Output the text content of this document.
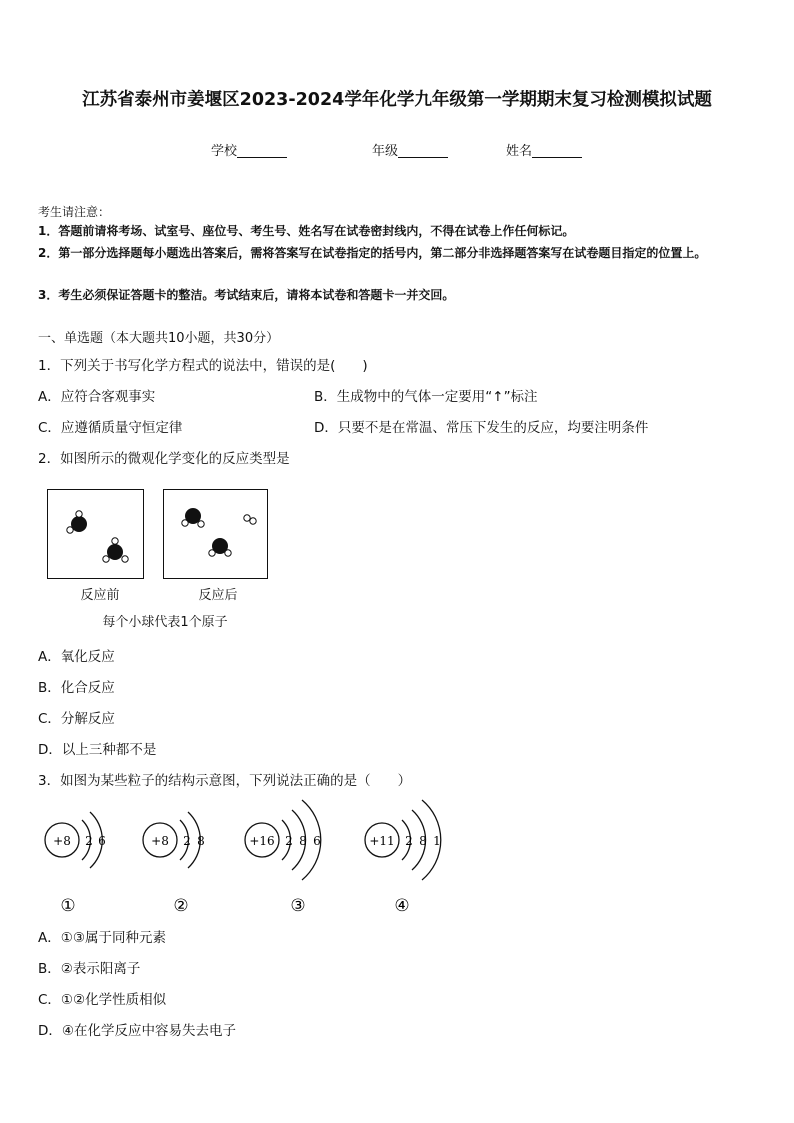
江苏省泰州市姜堰区2023-2024学年化学九年级第一学期期末复习检测模拟试题
学校	年级	姓名
考生请注意：
1．答题前请将考场、试室号、座位号、考生号、姓名写在试卷密封线内，不得在试卷上作任何标记。
2．第一部分选择题每小题选出答案后，需将答案写在试卷指定的括号内，第二部分非选择题答案写在试卷题目指定的位置上。
3．考生必须保证答题卡的整洁。考试结束后，请将本试卷和答题卡一并交回。
一、单选题（本大题共10小题，共30分）
1．下列关于书写化学方程式的说法中，错误的是(　　)
A．应符合客观事实	B．生成物中的气体一定要用“↑”标注
C．应遵循质量守恒定律	D．只要不是在常温、常压下发生的反应，均要注明条件
2．如图所示的微观化学变化的反应类型是
反应前	反应后
每个小球代表1个原子
A．氧化反应
B．化合反应
C．分解反应
D．以上三种都不是
3．如图为某些粒子的结构示意图，下列说法正确的是（　　）
+8 2 6
①
+8 2 8
②
+16 2 8 6
③
+11 2 8 1
④
A．①③属于同种元素
B．②表示阳离子
C．①②化学性质相似
D．④在化学反应中容易失去电子
